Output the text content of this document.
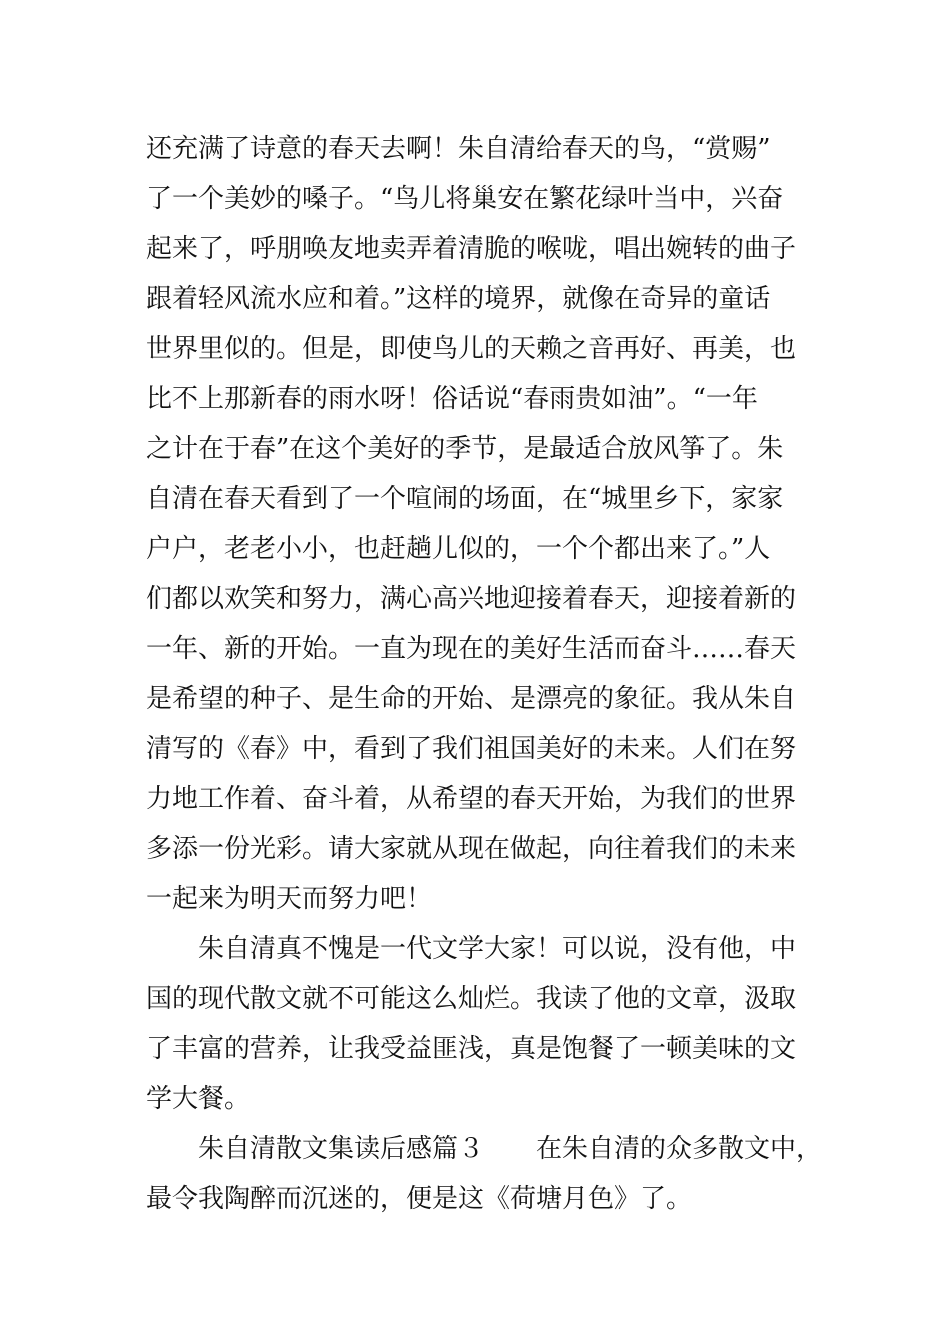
还充满了诗意的春天去啊！朱自清给春天的鸟，“赏赐”
了一个美妙的嗓子。“鸟儿将巢安在繁花绿叶当中，兴奋
起来了，呼朋唤友地卖弄着清脆的喉咙，唱出婉转的曲子
跟着轻风流水应和着。”这样的境界，就像在奇异的童话
世界里似的。但是，即使鸟儿的天赖之音再好、再美，也
比不上那新春的雨水呀！俗话说“春雨贵如油”。“一年
之计在于春”在这个美好的季节，是最适合放风筝了。朱
自清在春天看到了一个喧闹的场面，在“城里乡下，家家
户户，老老小小，也赶趟儿似的，一个个都出来了。”人
们都以欢笑和努力，满心高兴地迎接着春天，迎接着新的
一年、新的开始。一直为现在的美好生活而奋斗……春天
是希望的种子、是生命的开始、是漂亮的象征。我从朱自
清写的《春》中，看到了我们祖国美好的未来。人们在努
力地工作着、奋斗着，从希望的春天开始，为我们的世界
多添一份光彩。请大家就从现在做起，向往着我们的未来
一起来为明天而努力吧！
　　朱自清真不愧是一代文学大家！可以说，没有他，中
国的现代散文就不可能这么灿烂。我读了他的文章，汲取
了丰富的营养，让我受益匪浅，真是饱餐了一顿美味的文
学大餐。
　　朱自清散文集读后感篇３　　在朱自清的众多散文中，
最令我陶醉而沉迷的，便是这《荷塘月色》了。
